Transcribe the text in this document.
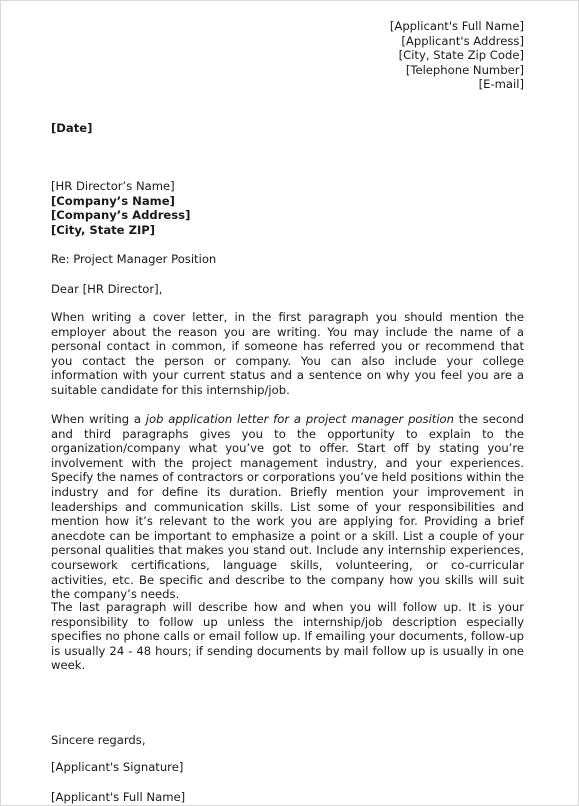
[Applicant's Full Name]
[Applicant's Address]
[City, State Zip Code]
[Telephone Number]
[E-mail]
[Date]
[HR Director’s Name]
[Company’s Name]
[Company’s Address]
[City, State ZIP]
Re: Project Manager Position
Dear [HR Director],
When writing a cover letter, in the first paragraph you should mention the employer about the reason you are writing. You may include the name of a personal contact in common, if someone has referred you or recommend that you contact the person or company. You can also include your college information with your current status and a sentence on why you feel you are a suitable candidate for this internship/job.
When writing a job application letter for a project manager position the second and third paragraphs gives you to the opportunity to explain to the organization/company what you’ve got to offer. Start off by stating you’re involvement with the project management industry, and your experiences. Specify the names of contractors or corporations you’ve held positions within the industry and for define its duration. Briefly mention your improvement in leaderships and communication skills. List some of your responsibilities and mention how it’s relevant to the work you are applying for. Providing a brief anecdote can be important to emphasize a point or a skill. List a couple of your personal qualities that makes you stand out. Include any internship experiences, coursework certifications, language skills, volunteering, or co-curricular activities, etc. Be specific and describe to the company how you skills will suit the company’s needs.
The last paragraph will describe how and when you will follow up. It is your responsibility to follow up unless the internship/job description especially specifies no phone calls or email follow up. If emailing your documents, follow-up is usually 24 - 48 hours; if sending documents by mail follow up is usually in one week.
Sincere regards,
[Applicant's Signature]
[Applicant's Full Name]
